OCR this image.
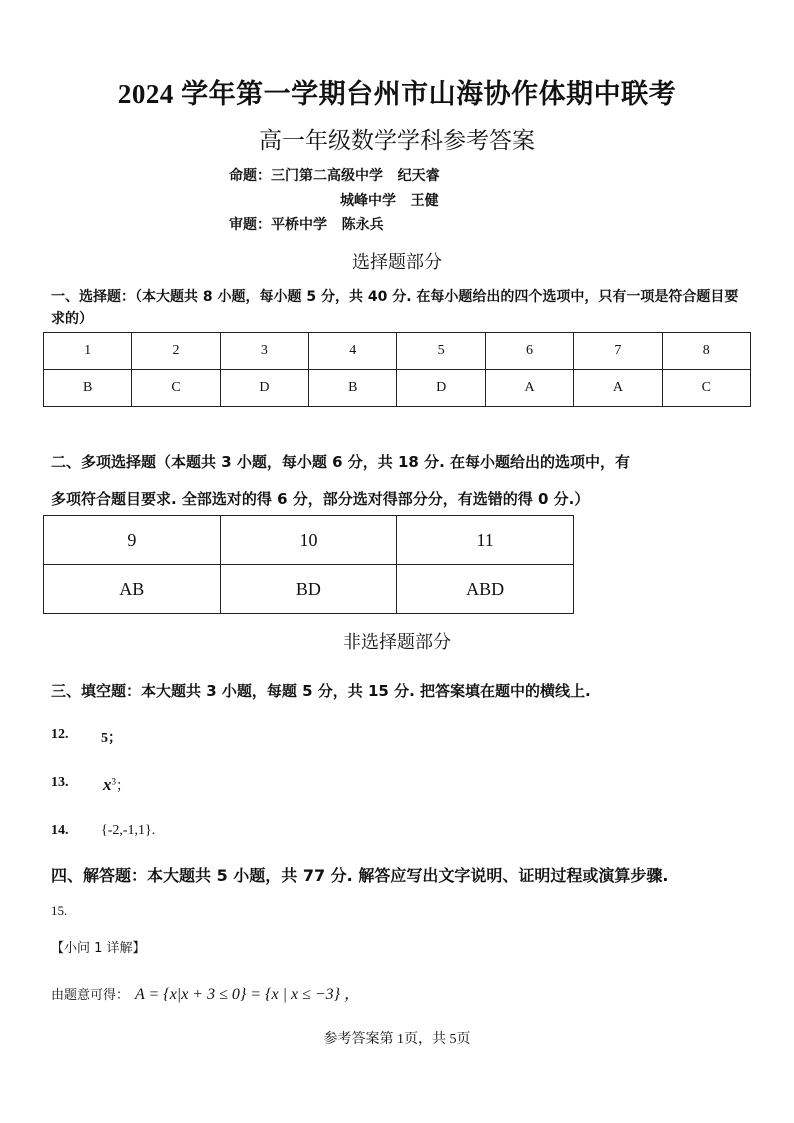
2024 学年第一学期台州市山海协作体期中联考
高一年级数学学科参考答案
命题：三门第二高级中学 纪天睿
城峰中学 王健
审题：平桥中学 陈永兵
选择题部分
一、选择题：（本大题共 8 小题，每小题 5 分，共 40 分. 在每小题给出的四个选项中，只有一项是符合题目要求的）
1	2	3	4	5	6	7	8
B	C	D	B	D	A	A	C
二、多项选择题（本题共 3 小题，每小题 6 分，共 18 分. 在每小题给出的选项中，有
多项符合题目要求. 全部选对的得 6 分，部分选对得部分分，有选错的得 0 分.）
9	10	11
AB	BD	ABD
非选择题部分
三、填空题：本大题共 3 小题，每题 5 分，共 15 分. 把答案填在题中的横线上.
12. 5；
13. $x^3$；
14. {-2,-1,1}.
四、解答题：本大题共 5 小题，共 77 分. 解答应写出文字说明、证明过程或演算步骤.
15.
【小问 1 详解】
由题意可得： A = {x|x + 3 ≤ 0} = {x | x ≤ −3} ，
参考答案第 1页，共 5页
